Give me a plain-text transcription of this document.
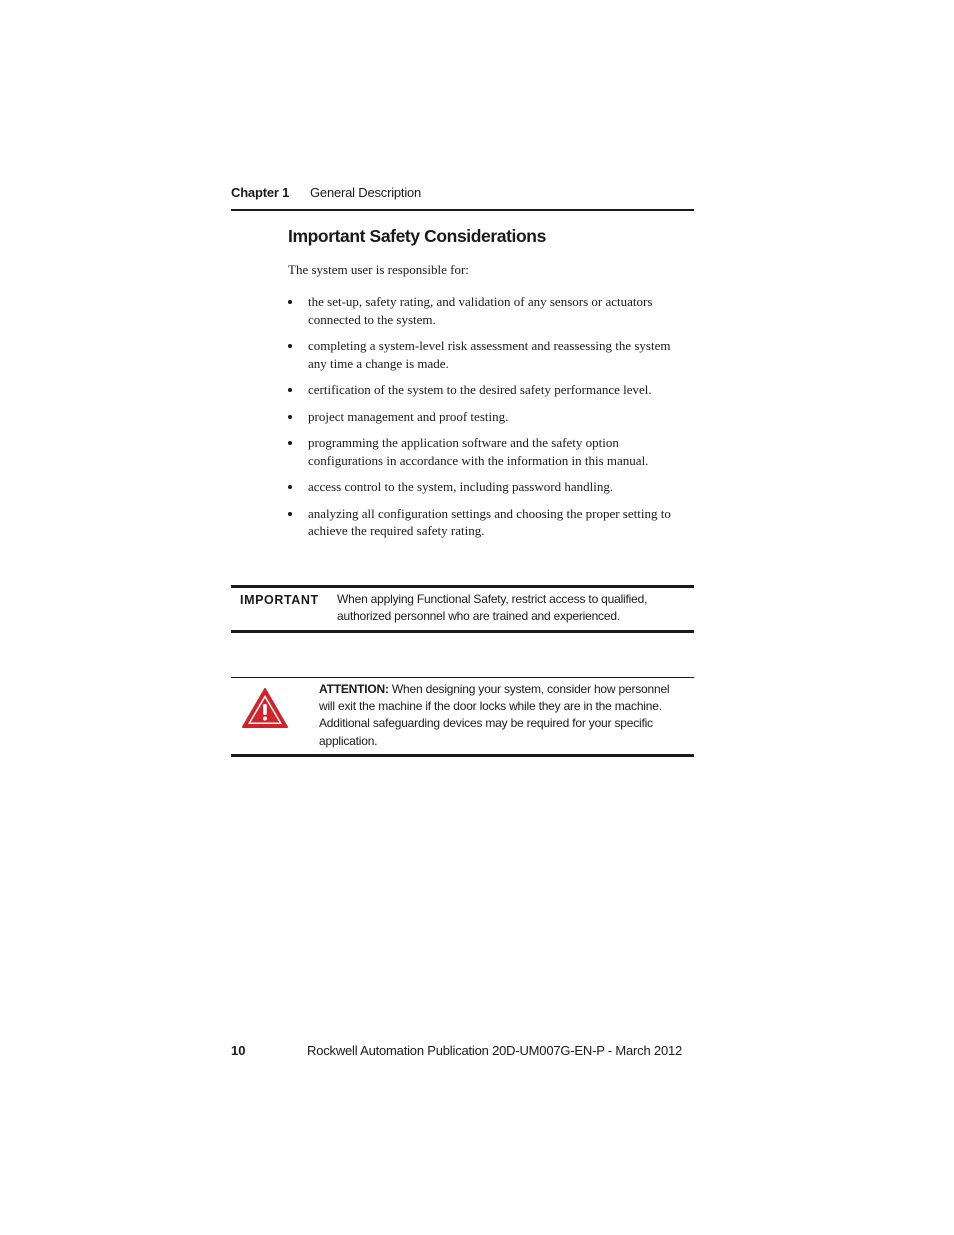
Chapter 1 General Description
Important Safety Considerations

The system user is responsible for:

the set-up, safety rating, and validation of any sensors or actuators connected to the system.
completing a system-level risk assessment and reassessing the system any time a change is made.
certification of the system to the desired safety performance level.
project management and proof testing.
programming the application software and the safety option configurations in accordance with the information in this manual.
access control to the system, including password handling.
analyzing all configuration settings and choosing the proper setting to achieve the required safety rating.
IMPORTANT When applying Functional Safety, restrict access to qualified, authorized personnel who are trained and experienced.
ATTENTION: When designing your system, consider how personnel will exit the machine if the door locks while they are in the machine. Additional safeguarding devices may be required for your specific application.
10	Rockwell Automation Publication 20D-UM007G-EN-P - March 2012
